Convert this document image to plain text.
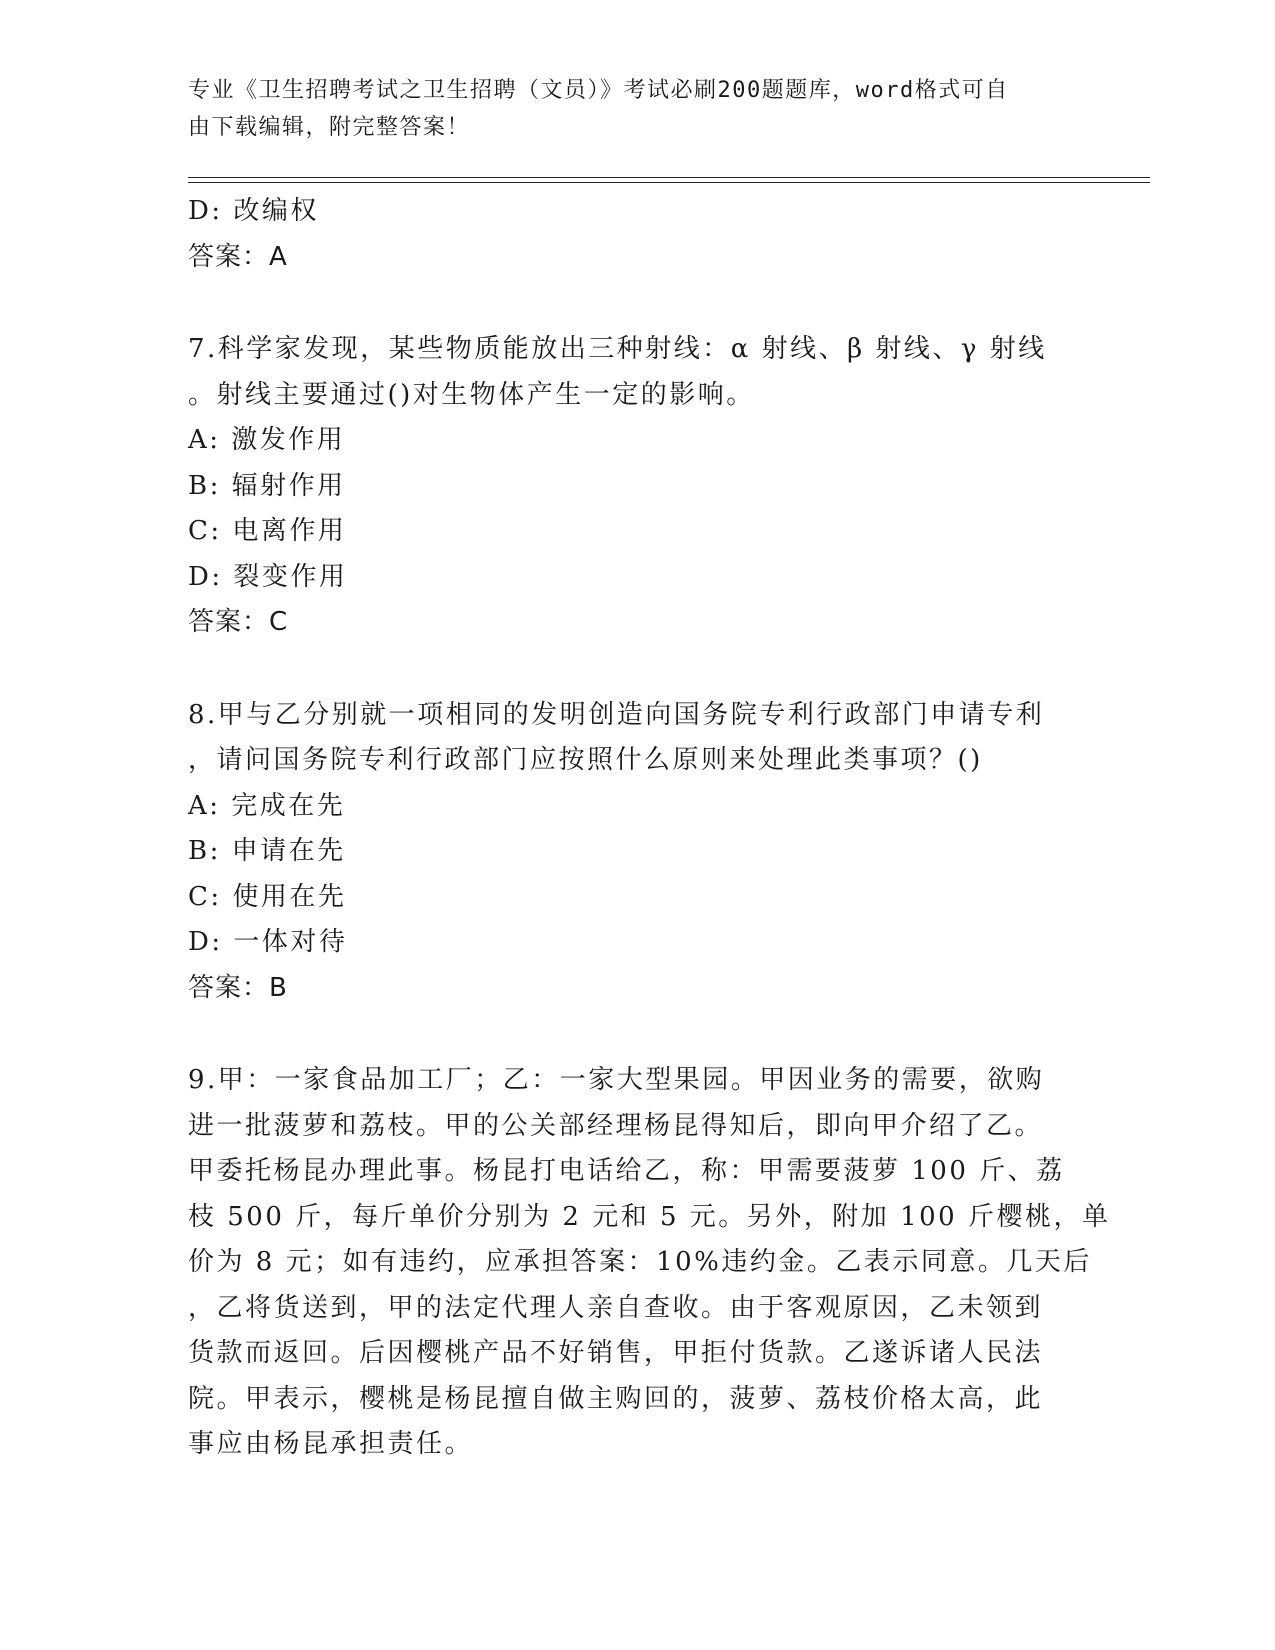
专业《卫生招聘考试之卫生招聘（文员）》考试必刷200题题库，word格式可自
由下载编辑，附完整答案！
D: 改编权
答案：A
7.科学家发现，某些物质能放出三种射线：α 射线、β 射线、γ 射线
。射线主要通过()对生物体产生一定的影响。
A: 激发作用
B: 辐射作用
C: 电离作用
D: 裂变作用
答案：C
8.甲与乙分别就一项相同的发明创造向国务院专利行政部门申请专利
，请问国务院专利行政部门应按照什么原则来处理此类事项？()
A: 完成在先
B: 申请在先
C: 使用在先
D: 一体对待
答案：B
9.甲：一家食品加工厂；乙：一家大型果园。甲因业务的需要，欲购
进一批菠萝和荔枝。甲的公关部经理杨昆得知后，即向甲介绍了乙。
甲委托杨昆办理此事。杨昆打电话给乙，称：甲需要菠萝 100 斤、荔
枝 500 斤，每斤单价分别为 2 元和 5 元。另外，附加 100 斤樱桃，单
价为 8 元；如有违约，应承担答案：10%违约金。乙表示同意。几天后
，乙将货送到，甲的法定代理人亲自查收。由于客观原因，乙未领到
货款而返回。后因樱桃产品不好销售，甲拒付货款。乙遂诉诸人民法
院。甲表示，樱桃是杨昆擅自做主购回的，菠萝、荔枝价格太高，此
事应由杨昆承担责任。
